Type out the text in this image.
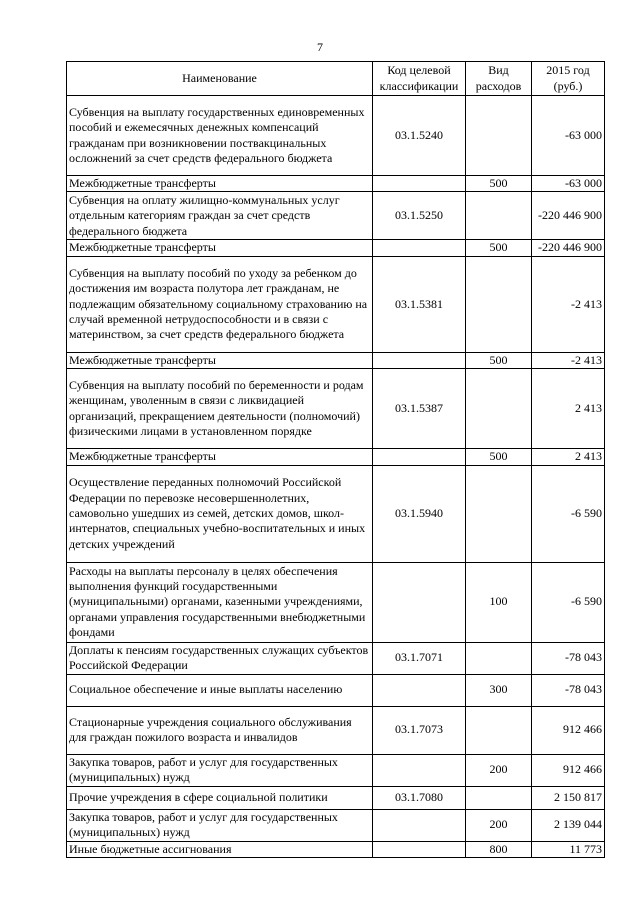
7
Наименование	Код целевой классификации	Вид расходов	2015 год (руб.)
Субвенция на выплату государственных единовременных пособий и ежемесячных денежных компенсаций гражданам при возникновении поствакцинальных осложнений за счет средств федерального бюджета	03.1.5240		-63 000
Межбюджетные трансферты		500	-63 000
Субвенция на оплату жилищно-коммунальных услуг отдельным категориям граждан за счет средств федерального бюджета	03.1.5250		-220 446 900
Межбюджетные трансферты		500	-220 446 900
Субвенция на выплату пособий по уходу за ребенком до достижения им возраста полутора лет гражданам, не подлежащим обязательному социальному страхованию на случай временной нетрудоспособности и в связи с материнством, за счет средств федерального бюджета	03.1.5381		-2 413
Межбюджетные трансферты		500	-2 413
Субвенция на выплату пособий по беременности и родам женщинам, уволенным в связи с ликвидацией организаций, прекращением деятельности (полномочий) физическими лицами в установленном порядке	03.1.5387		2 413
Межбюджетные трансферты		500	2 413
Осуществление переданных полномочий Российской Федерации по перевозке несовершеннолетних, самовольно ушедших из семей, детских домов, школ-интернатов, специальных учебно-воспитательных и иных детских учреждений	03.1.5940		-6 590
Расходы на выплаты персоналу в целях обеспечения выполнения функций государственными (муниципальными) органами, казенными учреждениями, органами управления государственными внебюджетными фондами		100	-6 590
Доплаты к пенсиям государственных служащих субъектов Российской Федерации	03.1.7071		-78 043
Социальное обеспечение и иные выплаты населению		300	-78 043
Стационарные учреждения социального обслуживания для граждан пожилого возраста и инвалидов	03.1.7073		912 466
Закупка товаров, работ и услуг для государственных (муниципальных) нужд		200	912 466
Прочие учреждения в сфере социальной политики	03.1.7080		2 150 817
Закупка товаров, работ и услуг для государственных (муниципальных) нужд		200	2 139 044
Иные бюджетные ассигнования		800	11 773
